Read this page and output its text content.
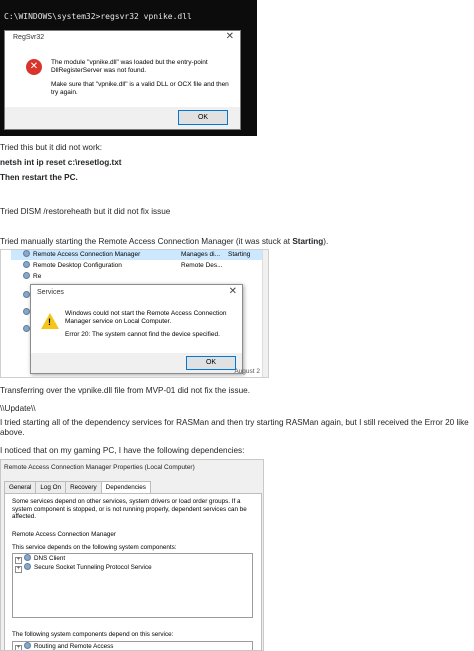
C:\WINDOWS\system32>regsvr32 vpnike.dll
RegSvr32	✕
✕	The module "vpnike.dll" was loaded but the entry-point DllRegisterServer was not found.
Make sure that "vpnike.dll" is a valid DLL or OCX file and then try again.
OK
Tried this but it did not work:
netsh int ip reset c:\resetlog.txt
Then restart the PC.
Tried DISM /restoreheath but it did not fix issue
Tried manually starting the Remote Access Connection Manager (it was stuck at Starting).
Remote Access Connection Manager	Manages di... Starting
Remote Desktop Configuration	Remote Des...
Re
Services	✕
!
Windows could not start the Remote Access Connection Manager service on Local Computer.
Error 20: The system cannot find the device specified.
OK
August 2
Transferring over the vpnike.dll file from MVP-01 did not fix the issue.
\\Update\\
I tried starting all of the dependency services for RASMan and then try starting RASMan again, but I still received the Error 20 like above.
I noticed that on my gaming PC, I have the following dependencies:
Remote Access Connection Manager Properties (Local Computer)
General	Log On	Recovery	Dependencies
Some services depend on other services, system drivers or load order groups. If a system component is stopped, or is not running properly, dependent services can be affected.
Remote Access Connection Manager
This service depends on the following system components:
+ DNS Client
+ Secure Socket Tunneling Protocol Service
The following system components depend on this service:
+ Routing and Remote Access
